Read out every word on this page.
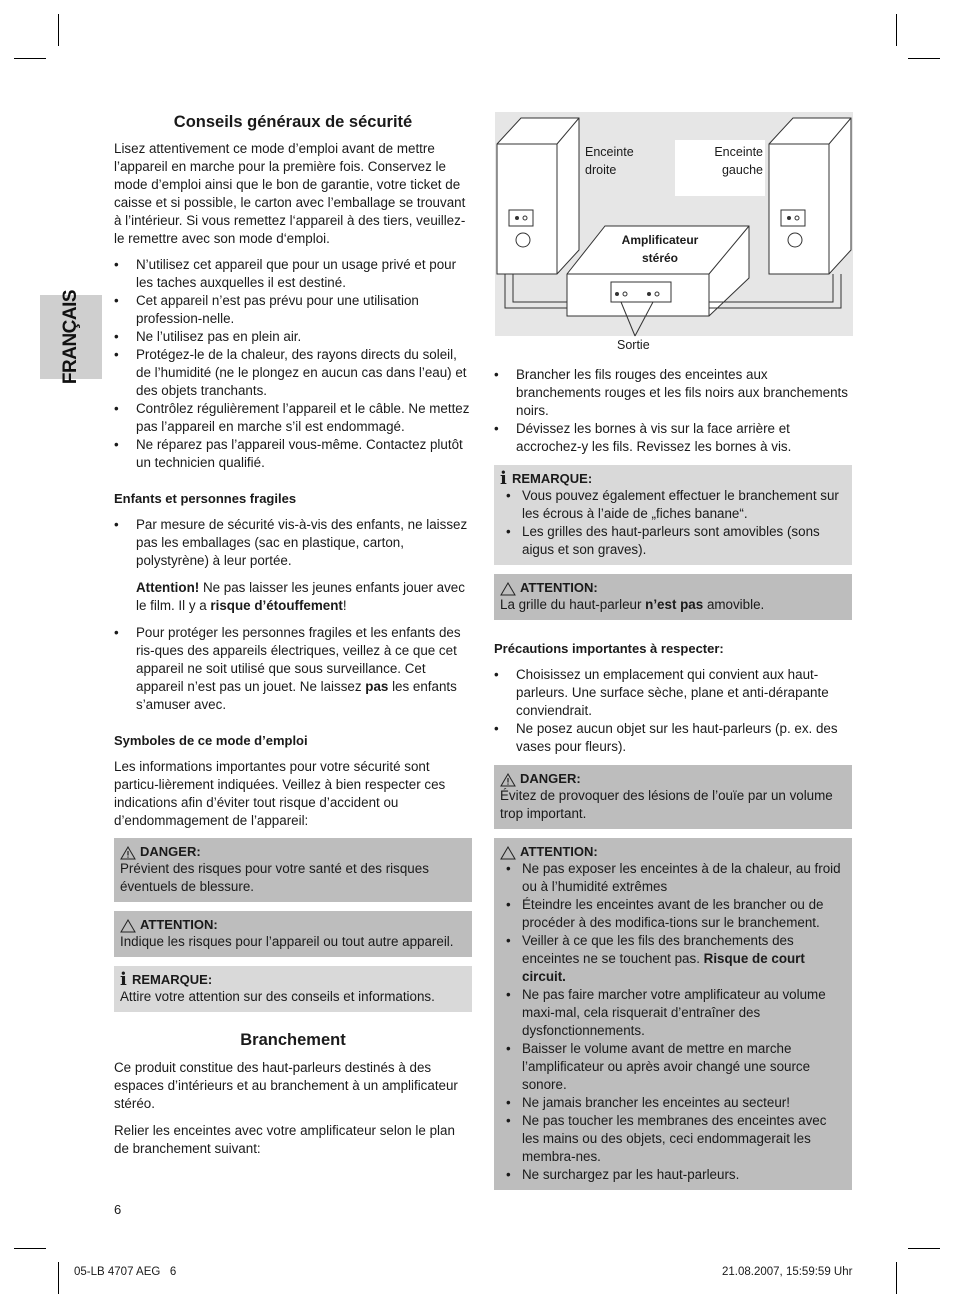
FRANÇAIS
Conseils généraux de sécurité

Lisez attentivement ce mode d’emploi avant de mettre l’appareil en marche pour la première fois. Conservez le mode d’emploi ainsi que le bon de garantie, votre ticket de caisse et si possible, le carton avec l’emballage se trouvant à l’intérieur. Si vous remettez l‘appareil à des tiers, veuillez-le remettre avec son mode d‘emploi.

• N’utilisez cet appareil que pour un usage privé et pour les taches auxquelles il est destiné.
• Cet appareil n’est pas prévu pour une utilisation profession-nelle.
• Ne l’utilisez pas en plein air.
• Protégez-le de la chaleur, des rayons directs du soleil, de l’humidité (ne le plongez en aucun cas dans l’eau) et des objets tranchants.
• Contrôlez régulièrement l’appareil et le câble. Ne mettez pas l’appareil en marche s’il est endommagé.
• Ne réparez pas l’appareil vous-même. Contactez plutôt un technicien qualifié.
Enfants et personnes fragiles
• Par mesure de sécurité vis-à-vis des enfants, ne laissez pas les emballages (sac en plastique, carton, polystyrène) à leur portée.

Attention! Ne pas laisser les jeunes enfants jouer avec le film. Il y a risque d’étouffement!

• Pour protéger les personnes fragiles et les enfants des ris-ques des appareils électriques, veillez à ce que cet appareil ne soit utilisé que sous surveillance. Cet appareil n’est pas un jouet. Ne laissez pas les enfants s’amuser avec.
Symboles de ce mode d’emploi

Les informations importantes pour votre sécurité sont particu-lièrement indiquées. Veillez à bien respecter ces indications afin d’éviter tout risque d’accident ou d’endommagement de l’appareil:

DANGER:

Prévient des risques pour votre santé et des risques éventuels de blessure.

ATTENTION:

Indique les risques pour l’appareil ou tout autre appareil.

i REMARQUE:

Attire votre attention sur des conseils et informations.

Branchement

Ce produit constitue des haut-parleurs destinés à des espaces d’intérieurs et au branchement à un amplificateur stéréo.

Relier les enceintes avec votre amplificateur selon le plan de branchement suivant:

Enceinte
droite
Enceinte
gauche
Amplificateur
stéréo
Sortie
• Brancher les fils rouges des enceintes aux branchements rouges et les fils noirs aux branchements noirs.
• Dévissez les bornes à vis sur la face arrière et accrochez-y les fils. Revissez les bornes à vis.
i REMARQUE:
• Vous pouvez également effectuer le branchement sur les écrous à l’aide de „fiches banane“.
• Les grilles des haut-parleurs sont amovibles (sons aigus et son graves).
ATTENTION:

La grille du haut-parleur n’est pas amovible.

Précautions importantes à respecter:
• Choisissez un emplacement qui convient aux haut-parleurs. Une surface sèche, plane et anti-dérapante conviendrait.
• Ne posez aucun objet sur les haut-parleurs (p. ex. des vases pour fleurs).
DANGER:

Évitez de provoquer des lésions de l’ouïe par un volume trop important.

ATTENTION:
• Ne pas exposer les enceintes à de la chaleur, au froid ou à l’humidité extrêmes
• Éteindre les enceintes avant de les brancher ou de procéder à des modifica-tions sur le branchement.
• Veiller à ce que les fils des branchements des enceintes ne se touchent pas. Risque de court circuit.
• Ne pas faire marcher votre amplificateur au volume maxi-mal, cela risquerait d’entraîner des dysfonctionnements.
• Baisser le volume avant de mettre en marche l’amplificateur ou après avoir changé une source sonore.
• Ne jamais brancher les enceintes au secteur!
• Ne pas toucher les membranes des enceintes avec les mains ou des objets, ceci endommagerait les membra-nes.
• Ne surchargez par les haut-parleurs.
6
05-LB 4707 AEG   6	21.08.2007, 15:59:59 Uhr
